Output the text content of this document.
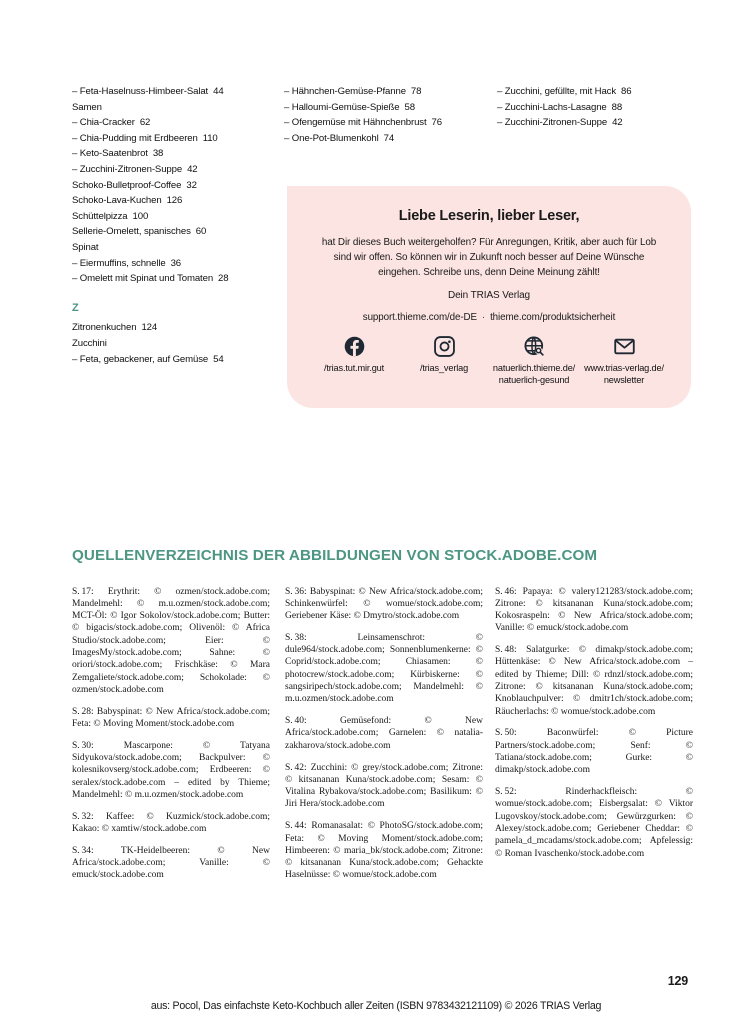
– Feta-Haselnuss-Himbeer-Salat 44
Samen
– Chia-Cracker 62
– Chia-Pudding mit Erdbeeren 110
– Keto-Saatenbrot 38
– Zucchini-Zitronen-Suppe 42
Schoko-Bulletproof-Coffee 32
Schoko-Lava-Kuchen 126
Schüttelpizza 100
Sellerie-Omelett, spanisches 60
Spinat
– Eiermuffins, schnelle 36
– Omelett mit Spinat und Tomaten 28
Z
Zitronenkuchen 124
Zucchini
– Feta, gebackener, auf Gemüse 54
– Hähnchen-Gemüse-Pfanne 78
– Halloumi-Gemüse-Spieße 58
– Ofengemüse mit Hähnchenbrust 76
– One-Pot-Blumenkohl 74
– Zucchini, gefüllte, mit Hack 86
– Zucchini-Lachs-Lasagne 88
– Zucchini-Zitronen-Suppe 42
Liebe Leserin, lieber Leser,
hat Dir dieses Buch weitergeholfen? Für Anregungen, Kritik, aber auch für Lob sind wir offen. So können wir in Zukunft noch besser auf Deine Wünsche eingehen. Schreibe uns, denn Deine Meinung zählt!
Dein TRIAS Verlag
support.thieme.com/de-DE · thieme.com/produktsicherheit
/trias.tut.mir.gut	/trias_verlag	natuerlich.thieme.de/ natuerlich-gesund
www.trias-verlag.de/ newsletter
QUELLENVERZEICHNIS DER ABBILDUNGEN VON STOCK.ADOBE.COM

S. 17: Erythrit: © ozmen/stock.adobe.com; Mandelmehl: © m.u.ozmen/stock.adobe.com; MCT-Öl: © Igor Sokolov/stock.adobe.com; Butter: © bigacis/stock.adobe.com; Olivenöl: © Africa Studio/stock.adobe.com; Eier: © ImagesMy/stock.adobe.com; Sahne: © oriori/stock.adobe.com; Frischkäse: © Mara Zemgaliete/stock.adobe.com; Schokolade: © ozmen/stock.adobe.com

S. 28: Babyspinat: © New Africa/stock.adobe.com; Feta: © Moving Moment/stock.adobe.com

S. 30: Mascarpone: © Tatyana Sidyukova/stock.adobe.com; Backpulver: © kolesnikovserg/stock.adobe.com; Erdbeeren: © seralex/stock.adobe.com – edited by Thieme; Mandelmehl: © m.u.ozmen/stock.adobe.com

S. 32: Kaffee: © Kuzmick/stock.adobe.com; Kakao: © xamtiw/stock.adobe.com

S. 34: TK-Heidelbeeren: © New Africa/stock.adobe.com; Vanille: © emuck/stock.adobe.com

S. 36: Babyspinat: © New Africa/stock.adobe.com; Schinkenwürfel: © womue/stock.adobe.com; Geriebener Käse: © Dmytro/stock.adobe.com

S. 38: Leinsamenschrot: © dule964/stock.adobe.com; Sonnenblumenkerne: © Coprid/stock.adobe.com; Chiasamen: © photocrew/stock.adobe.com; Kürbiskerne: © sangsiripech/stock.adobe.com; Mandelmehl: © m.u.ozmen/stock.adobe.com

S. 40: Gemüsefond: © New Africa/stock.adobe.com; Garnelen: © natalia-zakharova/stock.adobe.com

S. 42: Zucchini: © grey/stock.adobe.com; Zitrone: © kitsananan Kuna/stock.adobe.com; Sesam: © Vitalina Rybakova/stock.adobe.com; Basilikum: © Jiri Hera/stock.adobe.com

S. 44: Romanasalat: © PhotoSG/stock.adobe.com; Feta: © Moving Moment/stock.adobe.com; Himbeeren: © maria_bk/stock.adobe.com; Zitrone: © kitsananan Kuna/stock.adobe.com; Gehackte Haselnüsse: © womue/stock.adobe.com

S. 46: Papaya: © valery121283/stock.adobe.com; Zitrone: © kitsananan Kuna/stock.adobe.com; Kokosraspeln: © New Africa/stock.adobe.com; Vanille: © emuck/stock.adobe.com

S. 48: Salatgurke: © dimakp/stock.adobe.com; Hüttenkäse: © New Africa/stock.adobe.com – edited by Thieme; Dill: © rdnzl/stock.adobe.com; Zitrone: © kitsananan Kuna/stock.adobe.com; Knoblauchpulver: © dmitr1ch/stock.adobe.com; Räucherlachs: © womue/stock.adobe.com

S. 50: Baconwürfel: © Picture Partners/stock.adobe.com; Senf: © Tatiana/stock.adobe.com; Gurke: © dimakp/stock.adobe.com

S. 52: Rinderhackfleisch: © womue/stock.adobe.com; Eisbergsalat: © Viktor Lugovskoy/stock.adobe.com; Gewürzgurken: © Alexey/stock.adobe.com; Geriebener Cheddar: © pamela_d_mcadams/stock.adobe.com; Apfelessig: © Roman Ivaschenko/stock.adobe.com

129
aus: Pocol, Das einfachste Keto-Kochbuch aller Zeiten (ISBN 9783432121109) © 2026 TRIAS Verlag
